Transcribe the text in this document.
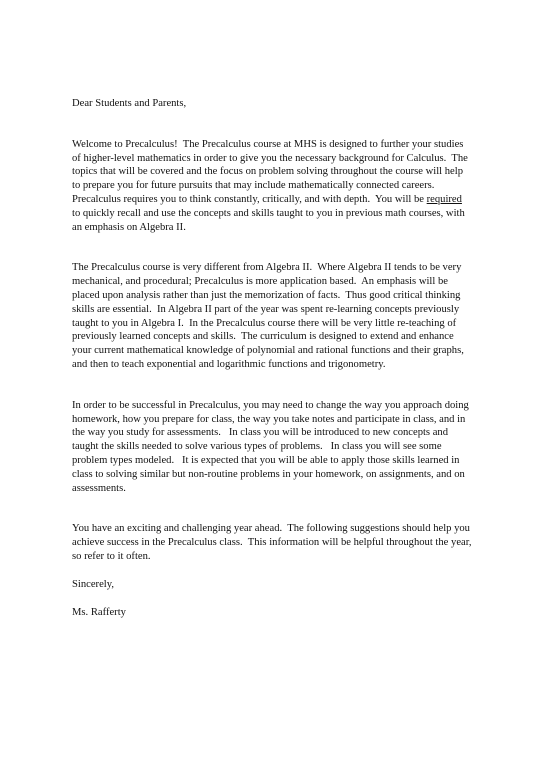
Dear Students and Parents,

Welcome to Precalculus!  The Precalculus course at MHS is designed to further your studies
of higher-level mathematics in order to give you the necessary background for Calculus.  The
topics that will be covered and the focus on problem solving throughout the course will help
to prepare you for future pursuits that may include mathematically connected careers.
Precalculus requires you to think constantly, critically, and with depth.  You will be required
to quickly recall and use the concepts and skills taught to you in previous math courses, with
an emphasis on Algebra II.

The Precalculus course is very different from Algebra II.  Where Algebra II tends to be very
mechanical, and procedural; Precalculus is more application based.  An emphasis will be
placed upon analysis rather than just the memorization of facts.  Thus good critical thinking
skills are essential.  In Algebra II part of the year was spent re-learning concepts previously
taught to you in Algebra I.  In the Precalculus course there will be very little re-teaching of
previously learned concepts and skills.  The curriculum is designed to extend and enhance
your current mathematical knowledge of polynomial and rational functions and their graphs,
and then to teach exponential and logarithmic functions and trigonometry.

In order to be successful in Precalculus, you may need to change the way you approach doing
homework, how you prepare for class, the way you take notes and participate in class, and in
the way you study for assessments.   In class you will be introduced to new concepts and
taught the skills needed to solve various types of problems.   In class you will see some
problem types modeled.   It is expected that you will be able to apply those skills learned in
class to solving similar but non-routine problems in your homework, on assignments, and on
assessments.

You have an exciting and challenging year ahead.  The following suggestions should help you
achieve success in the Precalculus class.  This information will be helpful throughout the year,
so refer to it often.

Sincerely,

Ms. Rafferty
